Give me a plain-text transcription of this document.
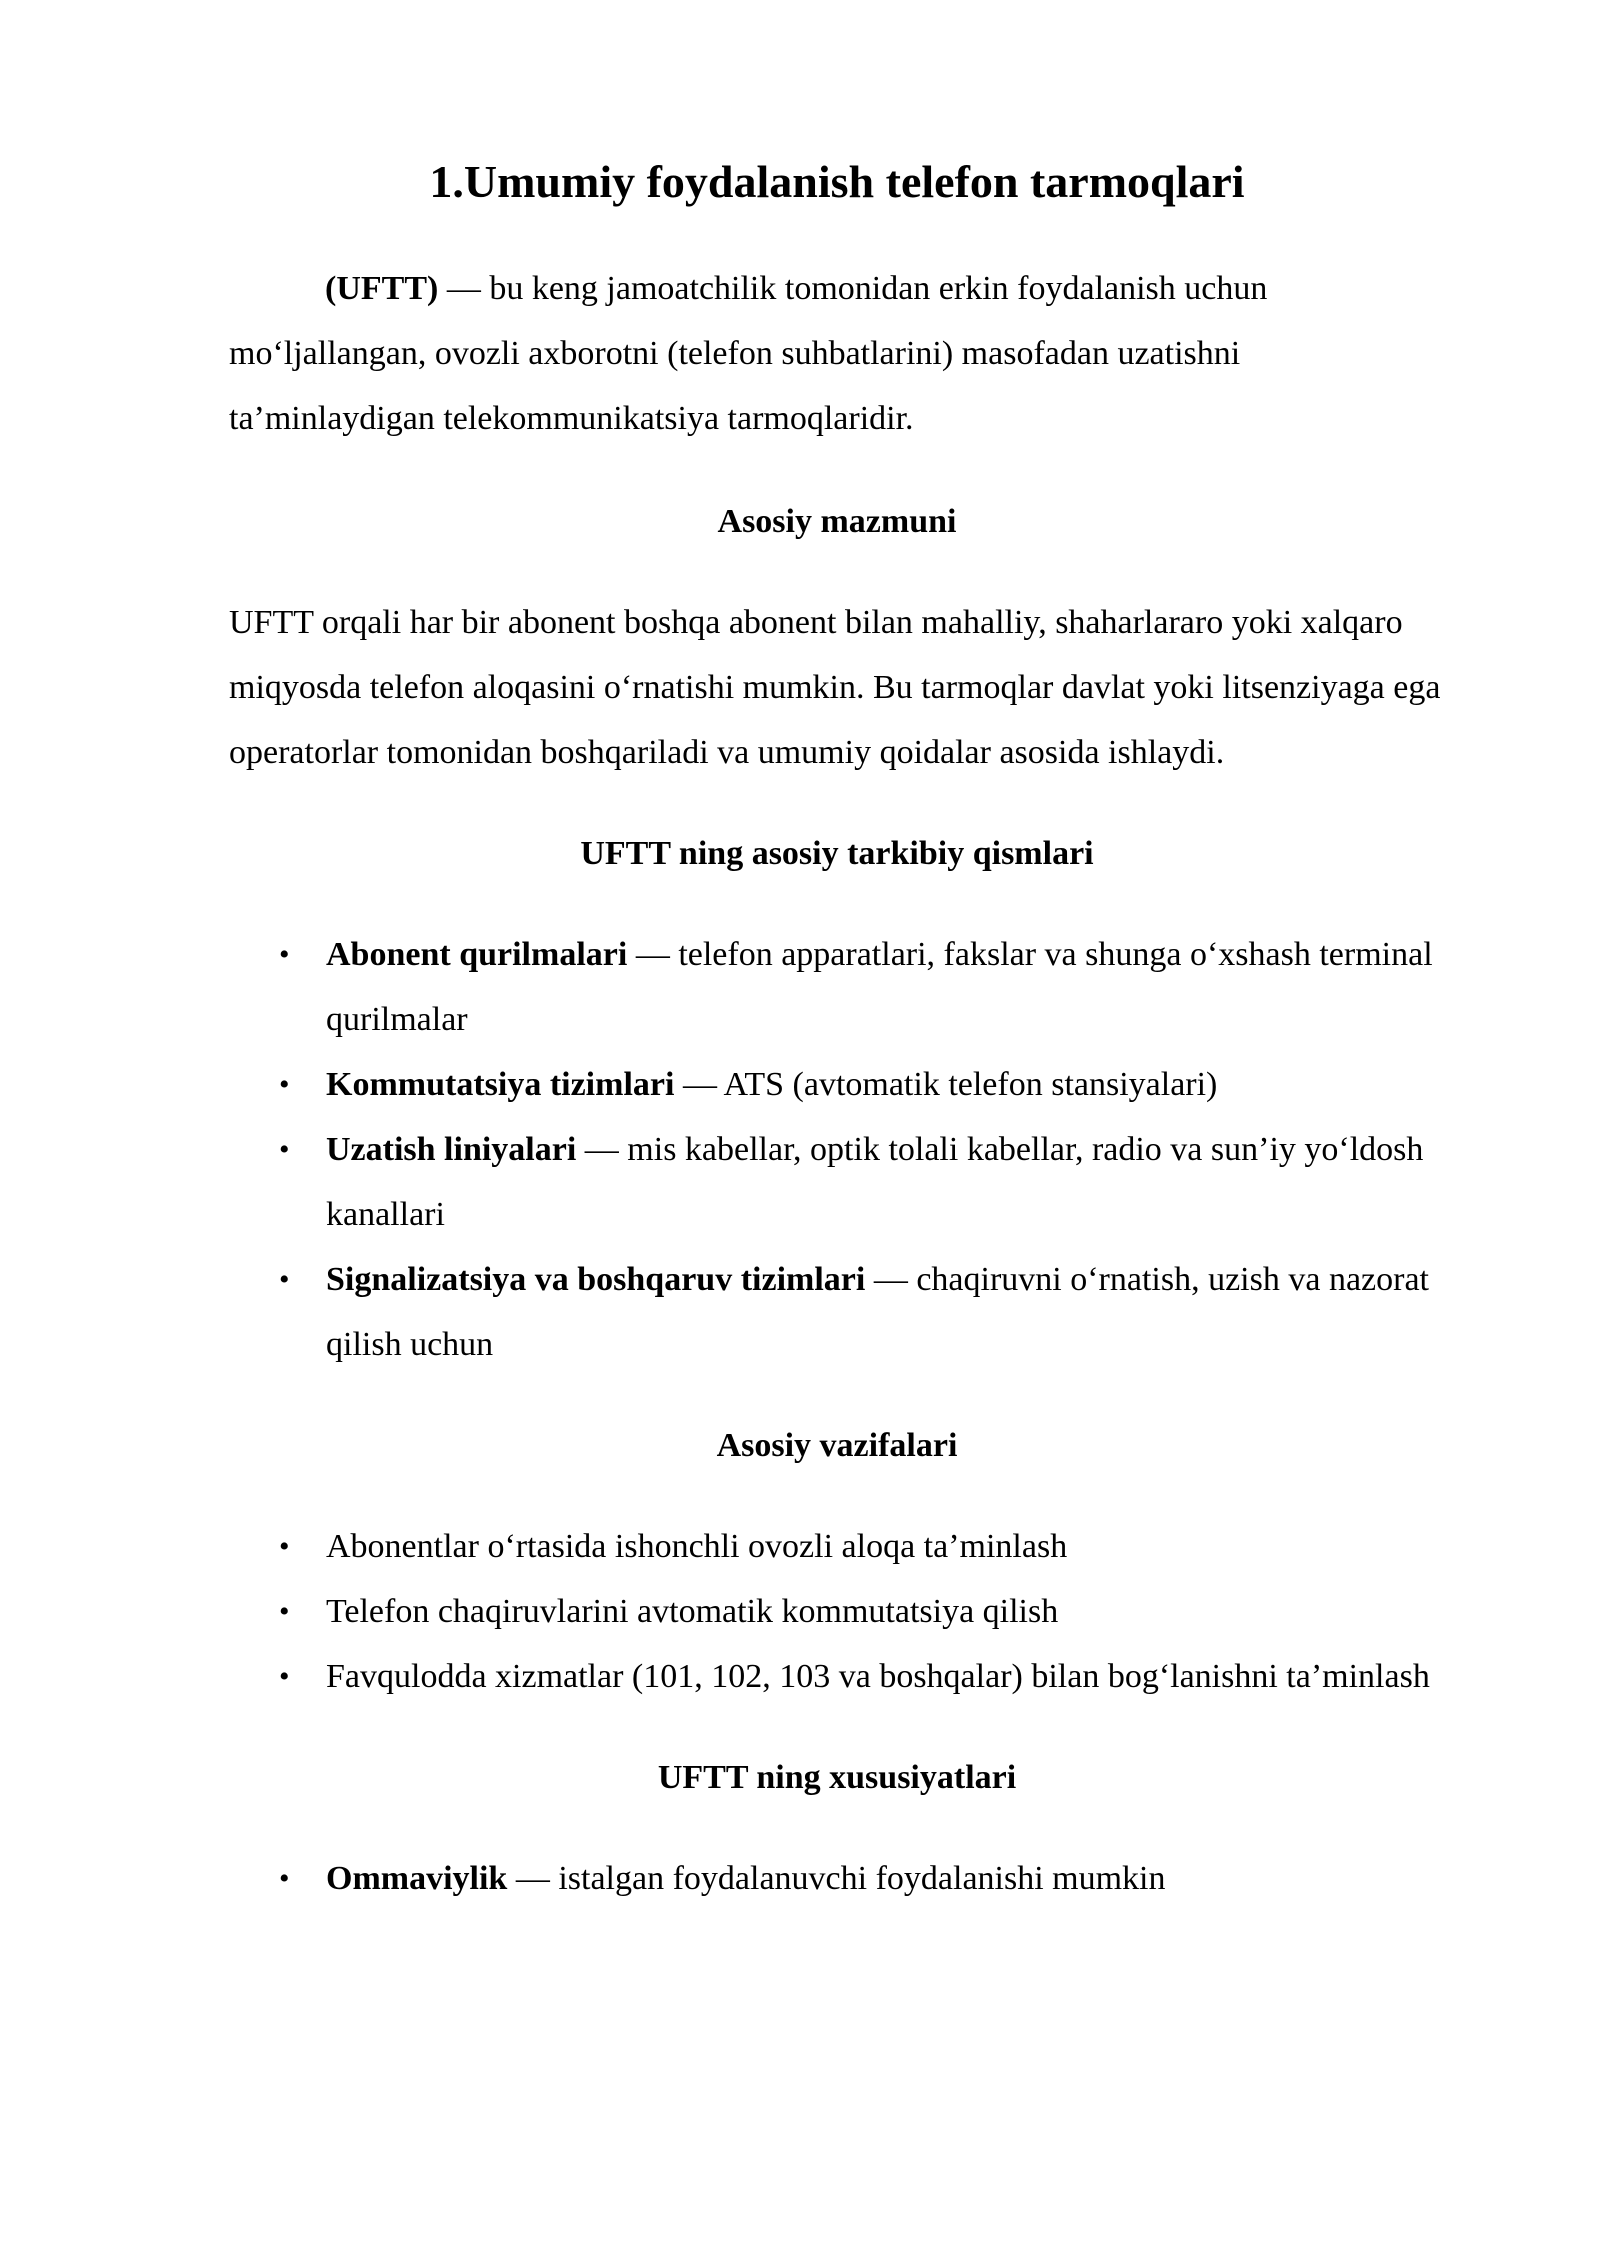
1.Umumiy foydalanish telefon tarmoqlari

(UFTT) — bu keng jamoatchilik tomonidan erkin foydalanish uchun mo‘ljallangan, ovozli axborotni (telefon suhbatlarini) masofadan uzatishni ta’minlaydigan telekommunikatsiya tarmoqlaridir.

Asosiy mazmuni

UFTT orqali har bir abonent boshqa abonent bilan mahalliy, shaharlararo yoki xalqaro miqyosda telefon aloqasini o‘rnatishi mumkin. Bu tarmoqlar davlat yoki litsenziyaga ega operatorlar tomonidan boshqariladi va umumiy qoidalar asosida ishlaydi.

UFTT ning asosiy tarkibiy qismlari
• Abonent qurilmalari — telefon apparatlari, fakslar va shunga o‘xshash terminal qurilmalar
• Kommutatsiya tizimlari — ATS (avtomatik telefon stansiyalari)
• Uzatish liniyalari — mis kabellar, optik tolali kabellar, radio va sun’iy yo‘ldosh kanallari
• Signalizatsiya va boshqaruv tizimlari — chaqiruvni o‘rnatish, uzish va nazorat qilish uchun
Asosiy vazifalari
• Abonentlar o‘rtasida ishonchli ovozli aloqa ta’minlash
• Telefon chaqiruvlarini avtomatik kommutatsiya qilish
• Favqulodda xizmatlar (101, 102, 103 va boshqalar) bilan bog‘lanishni ta’minlash
UFTT ning xususiyatlari
• Ommaviylik — istalgan foydalanuvchi foydalanishi mumkin
